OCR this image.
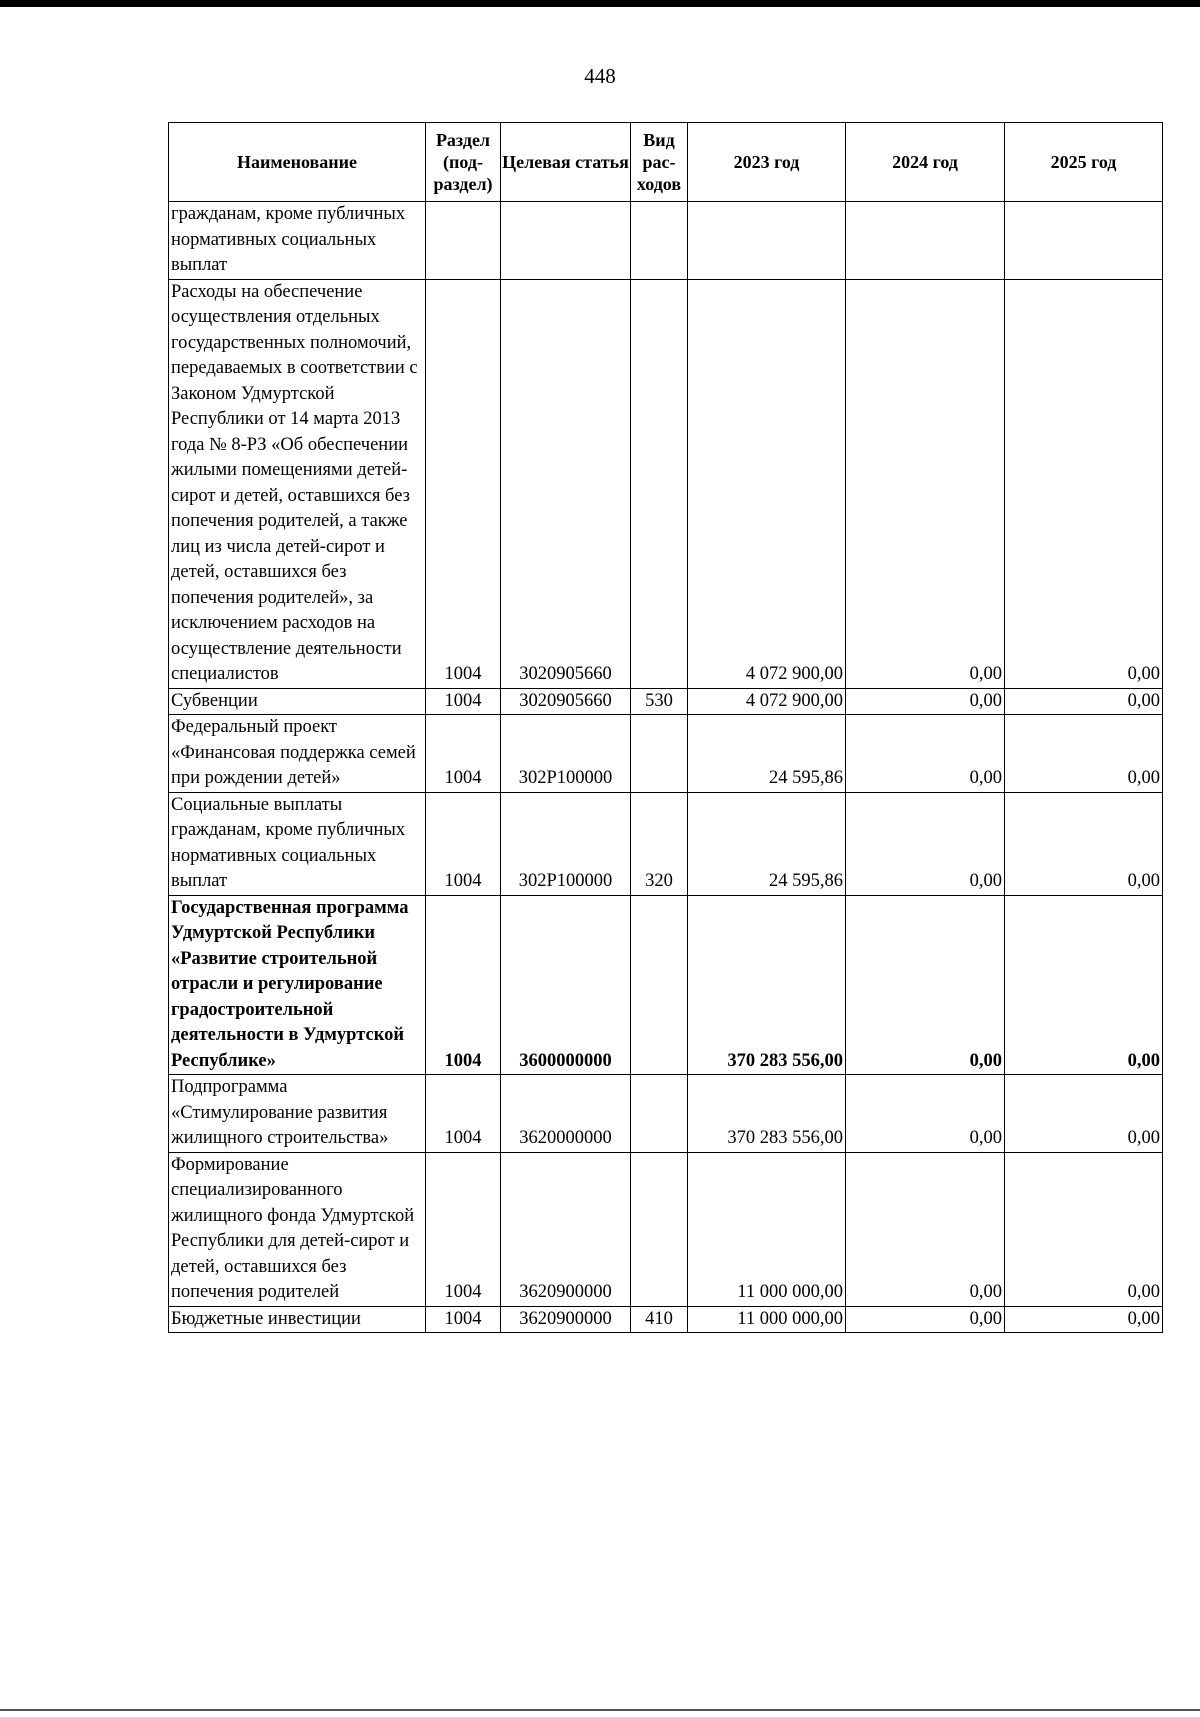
448
Наименование	Раздел (под-раздел)	Целевая статья	Вид рас-ходов	2023 год	2024 год	2025 год
гражданам, кроме публичных нормативных социальных выплат						
Расходы на обеспечение осуществления отдельных государственных полномочий, передаваемых в соответствии с Законом Удмуртской Республики от 14 марта 2013 года № 8-РЗ «Об обеспечении жилыми помещениями детей-сирот и детей, оставшихся без попечения родителей, а также лиц из числа детей-сирот и детей, оставшихся без попечения родителей», за исключением расходов на осуществление деятельности специалистов	1004	3020905660		4 072 900,00	0,00	0,00
Субвенции	1004	3020905660	530	4 072 900,00	0,00	0,00
Федеральный проект «Финансовая поддержка семей при рождении детей»	1004	302P100000		24 595,86	0,00	0,00
Социальные выплаты гражданам, кроме публичных нормативных социальных выплат	1004	302P100000	320	24 595,86	0,00	0,00
Государственная программа Удмуртской Республики «Развитие строительной отрасли и регулирование градостроительной деятельности в Удмуртской Республике»	1004	3600000000		370 283 556,00	0,00	0,00
Подпрограмма «Стимулирование развития жилищного строительства»	1004	3620000000		370 283 556,00	0,00	0,00
Формирование специализированного жилищного фонда Удмуртской Республики для детей-сирот и детей, оставшихся без попечения родителей	1004	3620900000		11 000 000,00	0,00	0,00
Бюджетные инвестиции	1004	3620900000	410	11 000 000,00	0,00	0,00
